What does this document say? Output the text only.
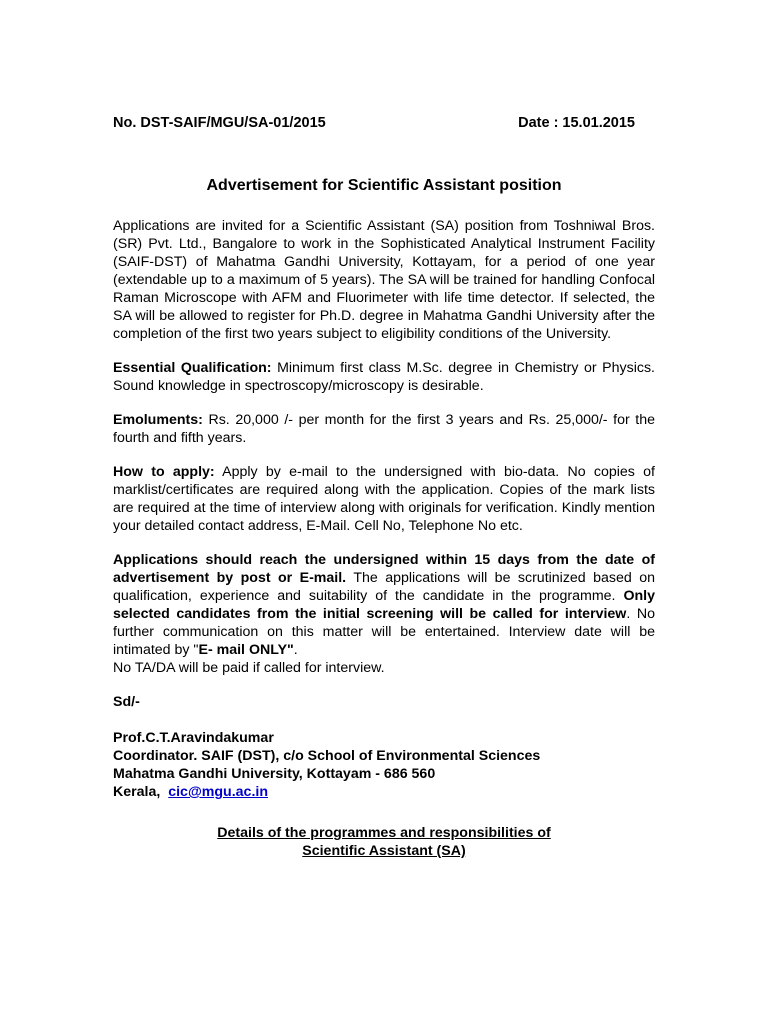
No. DST-SAIF/MGU/SA-01/2015	Date : 15.01.2015
Advertisement for Scientific Assistant position

Applications are invited for a Scientific Assistant (SA) position from Toshniwal Bros.(SR) Pvt. Ltd., Bangalore to work in the Sophisticated Analytical Instrument Facility (SAIF-DST) of Mahatma Gandhi University, Kottayam, for a period of one year (extendable up to a maximum of 5 years). The SA will be trained for handling Confocal Raman Microscope with AFM and Fluorimeter with life time detector. If selected, the SA will be allowed to register for Ph.D. degree in Mahatma Gandhi University after the completion of the first two years subject to eligibility conditions of the University.

Essential Qualification: Minimum first class M.Sc. degree in Chemistry or Physics. Sound knowledge in spectroscopy/microscopy is desirable.

Emoluments: Rs. 20,000 /- per month for the first 3 years and Rs. 25,000/- for the fourth and fifth years.

How to apply: Apply by e-mail to the undersigned with bio-data. No copies of marklist/certificates are required along with the application. Copies of the mark lists are required at the time of interview along with originals for verification. Kindly mention your detailed contact address, E-Mail. Cell No, Telephone No etc.

Applications should reach the undersigned within 15 days from the date of advertisement by post or E-mail. The applications will be scrutinized based on qualification, experience and suitability of the candidate in the programme. Only selected candidates from the initial screening will be called for interview. No further communication on this matter will be entertained. Interview date will be intimated by "E- mail ONLY".
No TA/DA will be paid if called for interview.

Sd/-
Prof.C.T.Aravindakumar
Coordinator. SAIF (DST), c/o School of Environmental Sciences
Mahatma Gandhi University, Kottayam - 686 560
Kerala, cic@mgu.ac.in
Details of the programmes and responsibilities of
Scientific Assistant (SA)
